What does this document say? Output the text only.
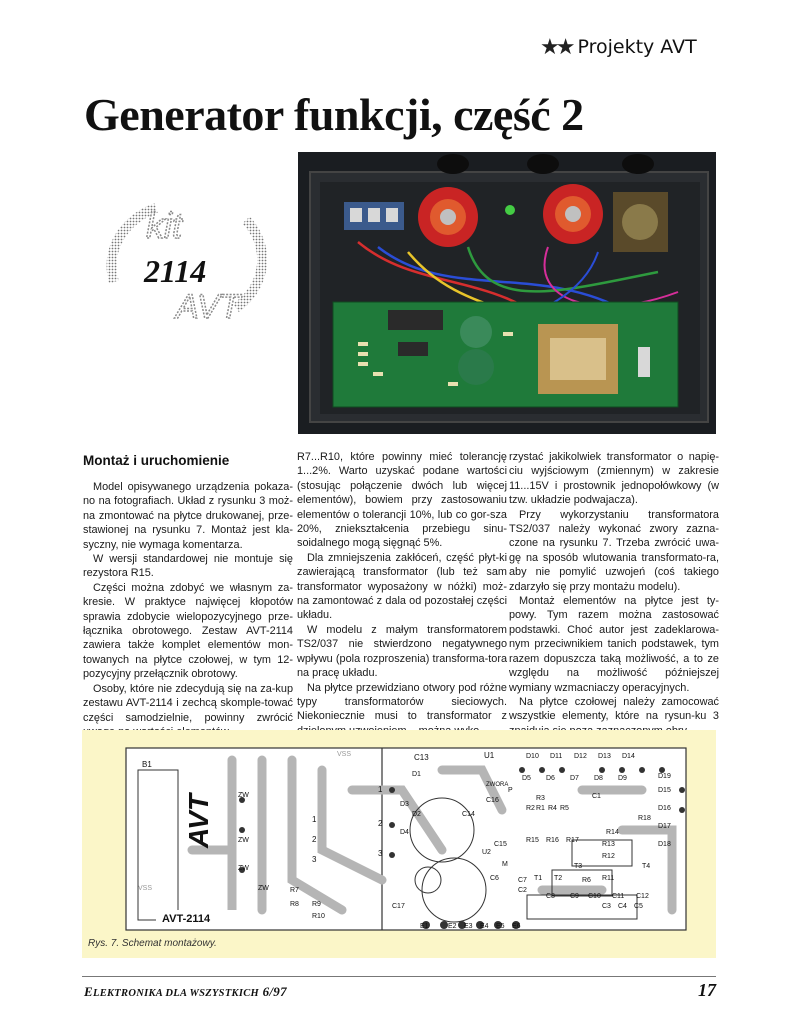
★★ Projekty AVT
Generator funkcji, część 2
kit
2114
AVT
Montaż i uruchomienie

Model opisywanego urządzenia pokaza-no na fotografiach. Układ z rysunku 3 moż-na zmontować na płytce drukowanej, prze-stawionej na rysunku 7. Montaż jest kla-syczny, nie wymaga komentarza.

W wersji standardowej nie montuje się rezystora R15.

Części można zdobyć we własnym za-kresie. W praktyce najwięcej kłopotów sprawia zdobycie wielopozycyjnego prze-łącznika obrotowego. Zestaw AVT-2114 zawiera także komplet elementów mon-towanych na płytce czołowej, w tym 12-pozycyjny przełącznik obrotowy.

Osoby, które nie zdecydują się na za-kup zestawu AVT-2114 i zechcą skomple-tować części samodzielnie, powinny zwrócić

R7...R10, które powinny mieć tolerancję 1...2%. Warto uzyskać podane wartości (stosując połączenie dwóch lub więcej elementów), bowiem przy zastosowaniu elementów o tolerancji 10%, lub co gor-sza 20%, zniekształcenia przebiegu sinu-soidalnego mogą sięgnąć 5%.

Dla zmniejszenia zakłóceń, część płyt-ki zawierającą transformator (lub też sam transformator wyposażony w nóżki) moż-na zamontować z dala od pozostałej części układu.

W modelu z małym transformatorem TS2/037 nie stwierdzono negatywnego wpływu (pola rozproszenia) transforma-tora na pracę układu.

Na płytce przewidziano otwory pod różne typy transformatorów sieciowych. Niekoniecznie musi to transformator z

rzystać jakikolwiek transformator o napię-ciu wyjściowym (zmiennym) w zakresie 11...15V i prostownik jednopołówkowy (w tzw. układzie podwajacza).

Przy wykorzystaniu transformatora TS2/037 należy wykonać zwory zazna-czone na rysunku 7. Trzeba zwrócić uwa-gę na sposób wlutowania transformato-ra, aby nie pomylić uzwojeń (coś takiego zdarzyło się przy montażu modelu).

Montaż elementów na płytce jest ty-powy. Tym razem można zastosować podstawki. Choć autor jest zadeklarowa-nym przeciwnikiem tanich podstawek, tym razem dopuszcza taką możliwość, a to ze względu na możliwość późniejszej wymiany wzmacniaczy operacyjnych.

Na płytce czołowej należy zamocować wszystkie elementy, które na rysun-ku 3

AVT
AVT-2114
B1
VSS
VSS
ZW
ZW
ZW
ZW
1
2
3
1
2
3
R7
R8 R9
R10
C13	U1	D10 D11 D12 D13 D14
D1
D2
D3
D4
D5 D6 D7 D8 D9
D15
D16
D17
D18
D19
C14
C15
C16
C17
U2
ZWORA
P
C1
C2
C3 C4 C5
C6	C7
C8 C9 C10 C11 C12
R1
R2
R3
R4 R5
R6 R11
R12
R13
R14
R15 R16 R17
R18
T1 T2
T3	T4
M
E1	E2 E3 E4 E5 E6
Rys. 7. Schemat montażowy.
ELEKTRONIKA DLA WSZYSTKICH 6/97	17
